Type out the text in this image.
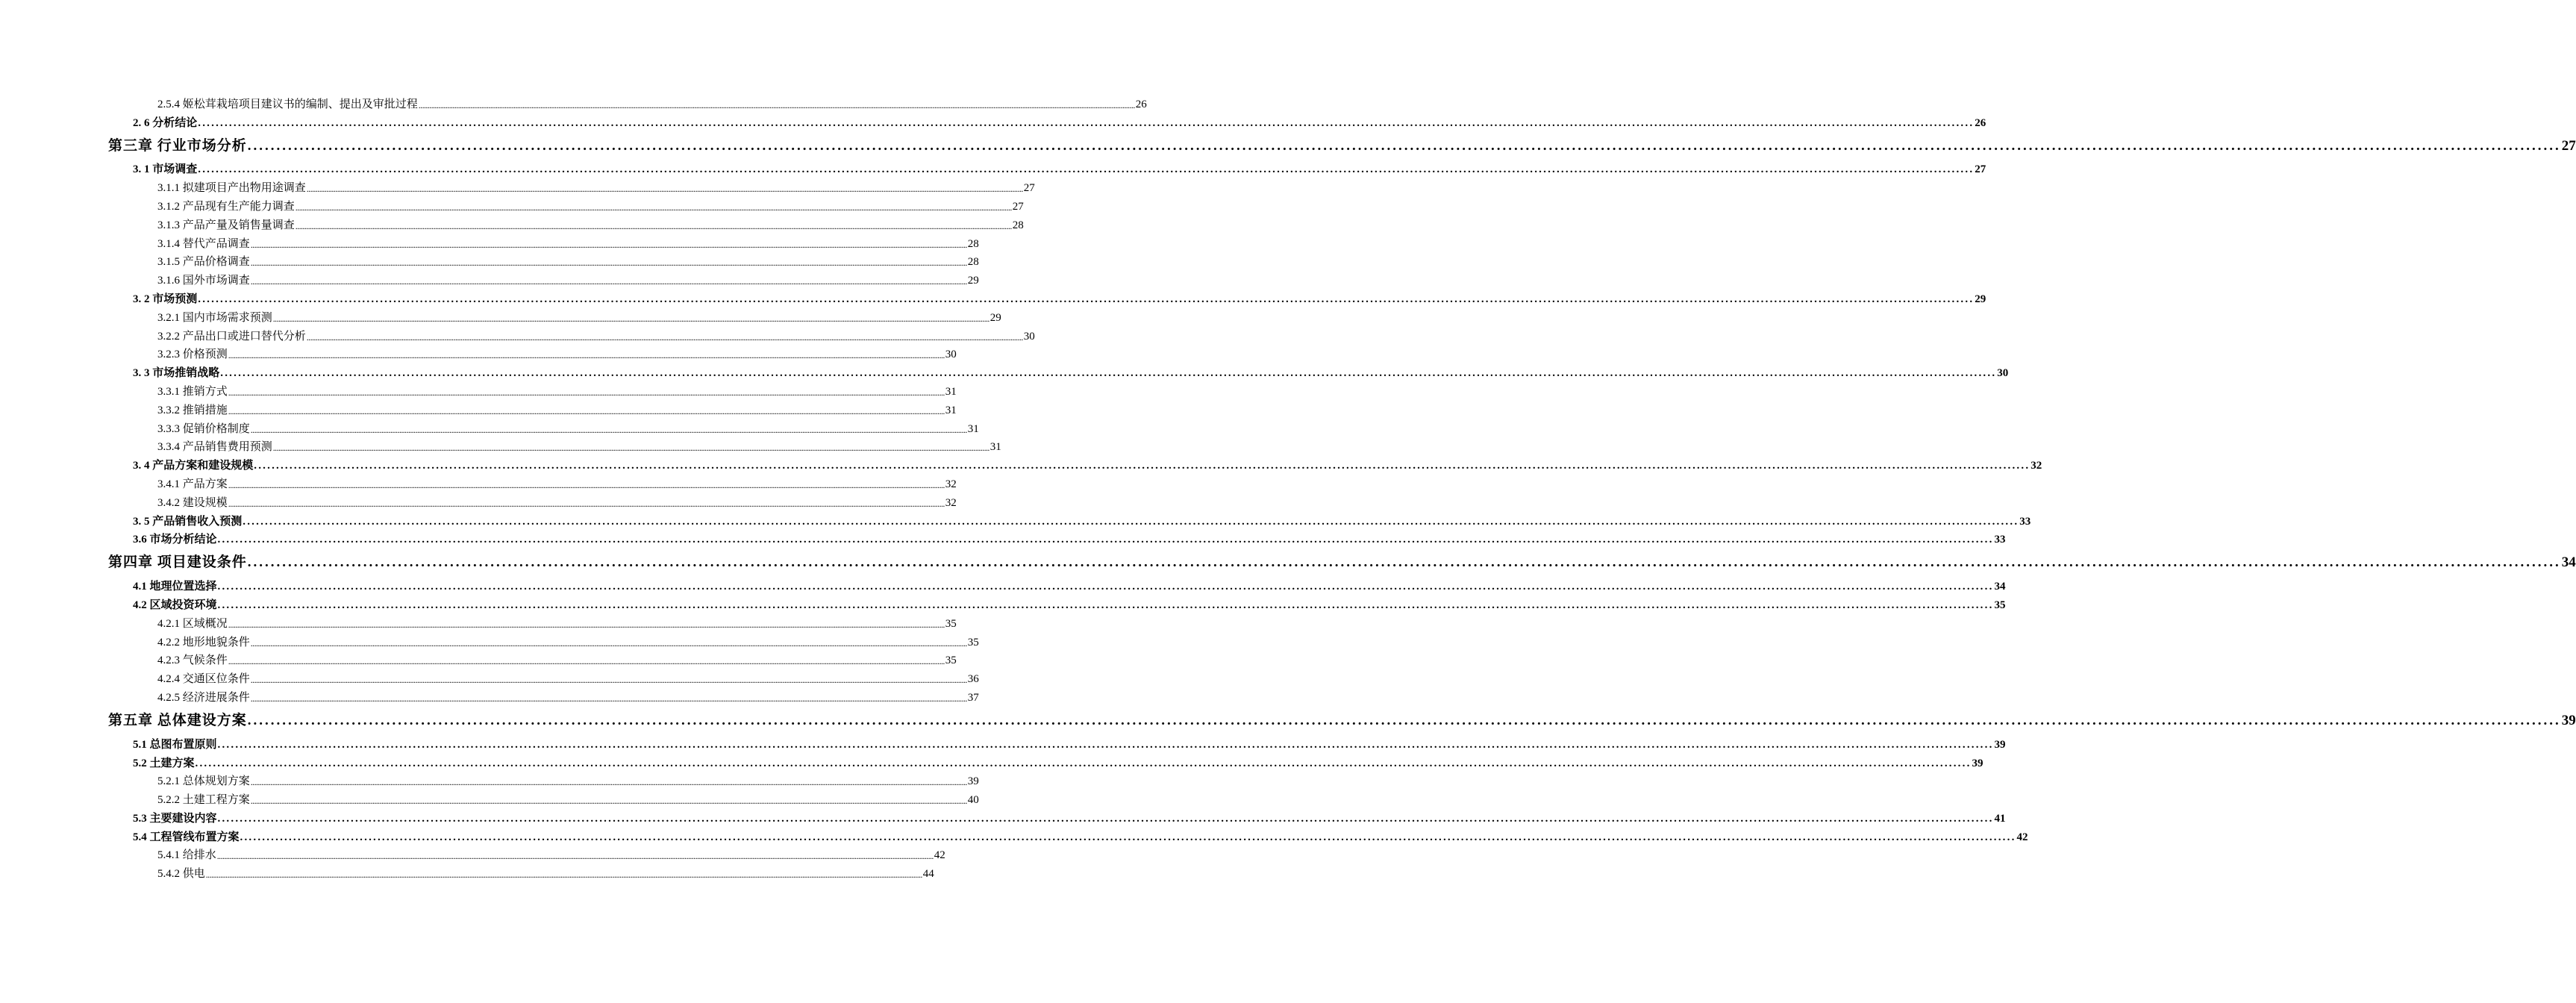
2.5.4 姬松茸栽培项目建议书的编制、提出及审批过程 ................................................................................................................................................................................................................................................................................................................................................................................................................ 26
2. 6 分析结论 ................................................................................................................................................................................................................................................................................................................................................................................................................ 26
第三章 行业市场分析 ................................................................................................................................................................................................................................................................................................................................................................................................................ 27
3. 1 市场调查 ................................................................................................................................................................................................................................................................................................................................................................................................................ 27
3.1.1 拟建项目产出物用途调查 ................................................................................................................................................................................................................................................................................................................................................................................................................ 27
3.1.2 产品现有生产能力调查 ................................................................................................................................................................................................................................................................................................................................................................................................................ 27
3.1.3 产品产量及销售量调查 ................................................................................................................................................................................................................................................................................................................................................................................................................ 28
3.1.4 替代产品调查 ................................................................................................................................................................................................................................................................................................................................................................................................................ 28
3.1.5 产品价格调查 ................................................................................................................................................................................................................................................................................................................................................................................................................ 28
3.1.6 国外市场调查 ................................................................................................................................................................................................................................................................................................................................................................................................................ 29
3. 2 市场预测 ................................................................................................................................................................................................................................................................................................................................................................................................................ 29
3.2.1 国内市场需求预测 ................................................................................................................................................................................................................................................................................................................................................................................................................ 29
3.2.2 产品出口或进口替代分析 ................................................................................................................................................................................................................................................................................................................................................................................................................ 30
3.2.3 价格预测 ................................................................................................................................................................................................................................................................................................................................................................................................................ 30
3. 3 市场推销战略 ................................................................................................................................................................................................................................................................................................................................................................................................................ 30
3.3.1 推销方式 ................................................................................................................................................................................................................................................................................................................................................................................................................ 31
3.3.2 推销措施 ................................................................................................................................................................................................................................................................................................................................................................................................................ 31
3.3.3 促销价格制度 ................................................................................................................................................................................................................................................................................................................................................................................................................ 31
3.3.4 产品销售费用预测 ................................................................................................................................................................................................................................................................................................................................................................................................................ 31
3. 4 产品方案和建设规模 ................................................................................................................................................................................................................................................................................................................................................................................................................ 32
3.4.1 产品方案 ................................................................................................................................................................................................................................................................................................................................................................................................................ 32
3.4.2 建设规模 ................................................................................................................................................................................................................................................................................................................................................................................................................ 32
3. 5 产品销售收入预测 ................................................................................................................................................................................................................................................................................................................................................................................................................ 33
3.6 市场分析结论 ................................................................................................................................................................................................................................................................................................................................................................................................................ 33
第四章 项目建设条件 ................................................................................................................................................................................................................................................................................................................................................................................................................ 34
4.1 地理位置选择 ................................................................................................................................................................................................................................................................................................................................................................................................................ 34
4.2 区域投资环境 ................................................................................................................................................................................................................................................................................................................................................................................................................ 35
4.2.1 区域概况 ................................................................................................................................................................................................................................................................................................................................................................................................................ 35
4.2.2 地形地貌条件 ................................................................................................................................................................................................................................................................................................................................................................................................................ 35
4.2.3 气候条件 ................................................................................................................................................................................................................................................................................................................................................................................................................ 35
4.2.4 交通区位条件 ................................................................................................................................................................................................................................................................................................................................................................................................................ 36
4.2.5 经济进展条件 ................................................................................................................................................................................................................................................................................................................................................................................................................ 37
第五章 总体建设方案 ................................................................................................................................................................................................................................................................................................................................................................................................................ 39
5.1 总图布置原则 ................................................................................................................................................................................................................................................................................................................................................................................................................ 39
5.2 土建方案 ................................................................................................................................................................................................................................................................................................................................................................................................................ 39
5.2.1 总体规划方案 ................................................................................................................................................................................................................................................................................................................................................................................................................ 39
5.2.2 土建工程方案 ................................................................................................................................................................................................................................................................................................................................................................................................................ 40
5.3 主要建设内容 ................................................................................................................................................................................................................................................................................................................................................................................................................ 41
5.4 工程管线布置方案 ................................................................................................................................................................................................................................................................................................................................................................................................................ 42
5.4.1 给排水 ................................................................................................................................................................................................................................................................................................................................................................................................................ 42
5.4.2 供电 ................................................................................................................................................................................................................................................................................................................................................................................................................ 44
